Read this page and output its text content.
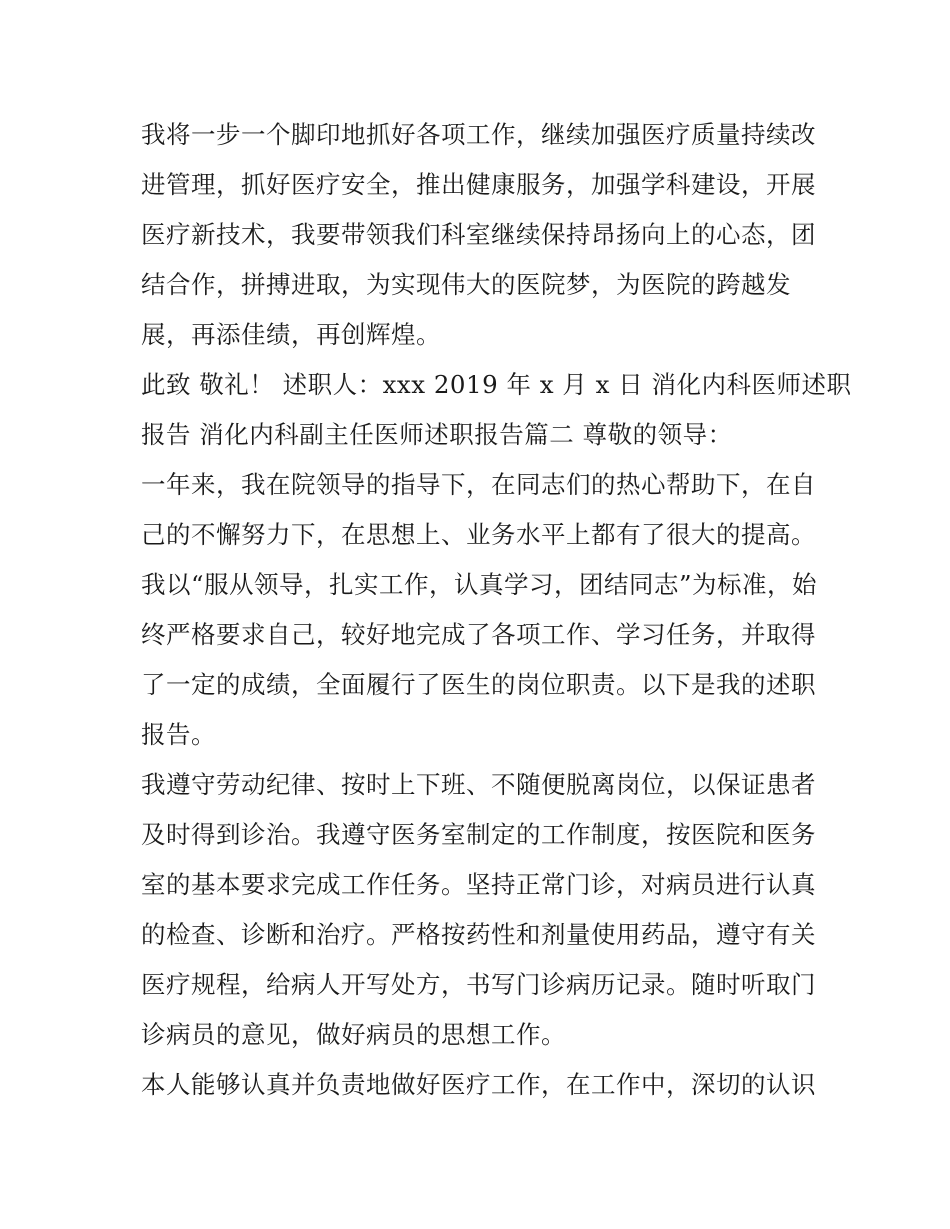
我将一步一个脚印地抓好各项工作，继续加强医疗质量持续改
进管理，抓好医疗安全，推出健康服务，加强学科建设，开展
医疗新技术，我要带领我们科室继续保持昂扬向上的心态，团
结合作，拼搏进取，为实现伟大的医院梦，为医院的跨越发
展，再添佳绩，再创辉煌。

此致 敬礼！ 述职人：xxx 2019 年 x 月 x 日 消化内科医师述职
报告 消化内科副主任医师述职报告篇二 尊敬的领导：

一年来，我在院领导的指导下，在同志们的热心帮助下，在自
己的不懈努力下，在思想上、业务水平上都有了很大的提高。
我以“服从领导，扎实工作，认真学习，团结同志”为标准，始
终严格要求自己，较好地完成了各项工作、学习任务，并取得
了一定的成绩，全面履行了医生的岗位职责。以下是我的述职
报告。

我遵守劳动纪律、按时上下班、不随便脱离岗位，以保证患者
及时得到诊治。我遵守医务室制定的工作制度，按医院和医务
室的基本要求完成工作任务。坚持正常门诊，对病员进行认真
的检查、诊断和治疗。严格按药性和剂量使用药品，遵守有关
医疗规程，给病人开写处方，书写门诊病历记录。随时听取门
诊病员的意见，做好病员的思想工作。

本人能够认真并负责地做好医疗工作，在工作中，深切的认识
